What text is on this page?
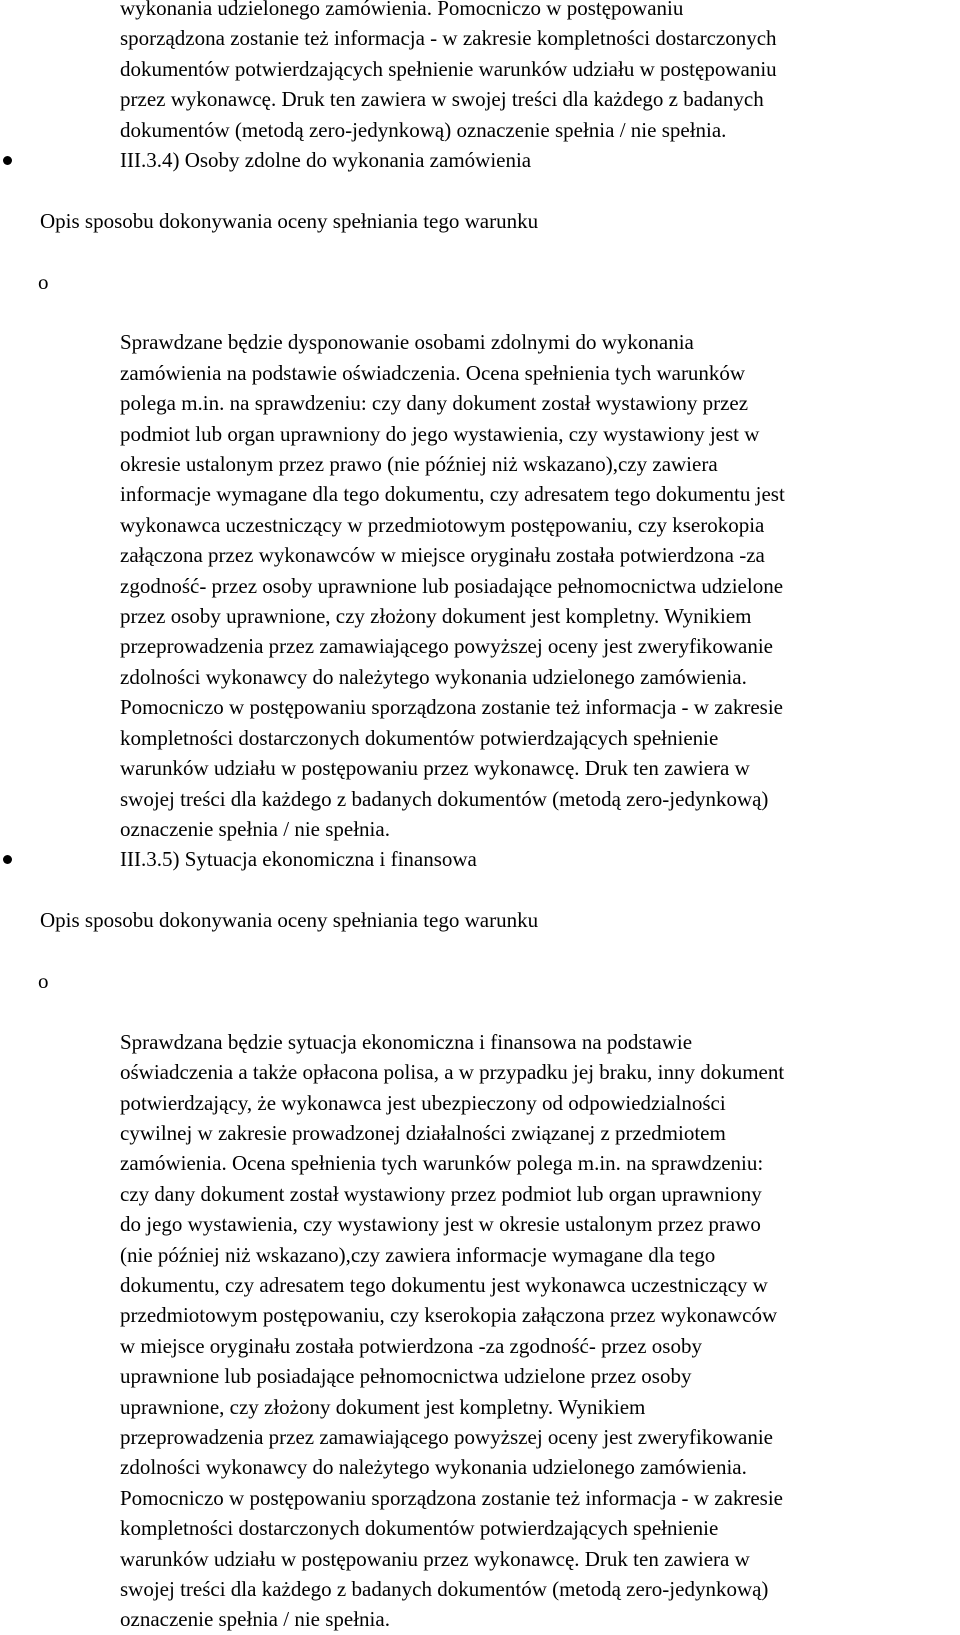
wykonania udzielonego zamówienia. Pomocniczo w postępowaniu
sporządzona zostanie też informacja - w zakresie kompletności dostarczonych
dokumentów potwierdzających spełnienie warunków udziału w postępowaniu
przez wykonawcę. Druk ten zawiera w swojej treści dla każdego z badanych
dokumentów (metodą zero-jedynkową) oznaczenie spełnia / nie spełnia.
III.3.4) Osoby zdolne do wykonania zamówienia
Opis sposobu dokonywania oceny spełniania tego warunku

o

Sprawdzane będzie dysponowanie osobami zdolnymi do wykonania
zamówienia na podstawie oświadczenia. Ocena spełnienia tych warunków
polega m.in. na sprawdzeniu: czy dany dokument został wystawiony przez
podmiot lub organ uprawniony do jego wystawienia, czy wystawiony jest w
okresie ustalonym przez prawo (nie później niż wskazano),czy zawiera
informacje wymagane dla tego dokumentu, czy adresatem tego dokumentu jest
wykonawca uczestniczący w przedmiotowym postępowaniu, czy kserokopia
załączona przez wykonawców w miejsce oryginału została potwierdzona -za
zgodność- przez osoby uprawnione lub posiadające pełnomocnictwa udzielone
przez osoby uprawnione, czy złożony dokument jest kompletny. Wynikiem
przeprowadzenia przez zamawiającego powyższej oceny jest zweryfikowanie
zdolności wykonawcy do należytego wykonania udzielonego zamówienia.
Pomocniczo w postępowaniu sporządzona zostanie też informacja - w zakresie
kompletności dostarczonych dokumentów potwierdzających spełnienie
warunków udziału w postępowaniu przez wykonawcę. Druk ten zawiera w
swojej treści dla każdego z badanych dokumentów (metodą zero-jedynkową)
oznaczenie spełnia / nie spełnia.

III.3.5) Sytuacja ekonomiczna i finansowa
Opis sposobu dokonywania oceny spełniania tego warunku

o

Sprawdzana będzie sytuacja ekonomiczna i finansowa na podstawie
oświadczenia a także opłacona polisa, a w przypadku jej braku, inny dokument
potwierdzający, że wykonawca jest ubezpieczony od odpowiedzialności
cywilnej w zakresie prowadzonej działalności związanej z przedmiotem
zamówienia. Ocena spełnienia tych warunków polega m.in. na sprawdzeniu:
czy dany dokument został wystawiony przez podmiot lub organ uprawniony
do jego wystawienia, czy wystawiony jest w okresie ustalonym przez prawo
(nie później niż wskazano),czy zawiera informacje wymagane dla tego
dokumentu, czy adresatem tego dokumentu jest wykonawca uczestniczący w
przedmiotowym postępowaniu, czy kserokopia załączona przez wykonawców
w miejsce oryginału została potwierdzona -za zgodność- przez osoby
uprawnione lub posiadające pełnomocnictwa udzielone przez osoby
uprawnione, czy złożony dokument jest kompletny. Wynikiem
przeprowadzenia przez zamawiającego powyższej oceny jest zweryfikowanie
zdolności wykonawcy do należytego wykonania udzielonego zamówienia.
Pomocniczo w postępowaniu sporządzona zostanie też informacja - w zakresie
kompletności dostarczonych dokumentów potwierdzających spełnienie
warunków udziału w postępowaniu przez wykonawcę. Druk ten zawiera w
swojej treści dla każdego z badanych dokumentów (metodą zero-jedynkową)
oznaczenie spełnia / nie spełnia.
